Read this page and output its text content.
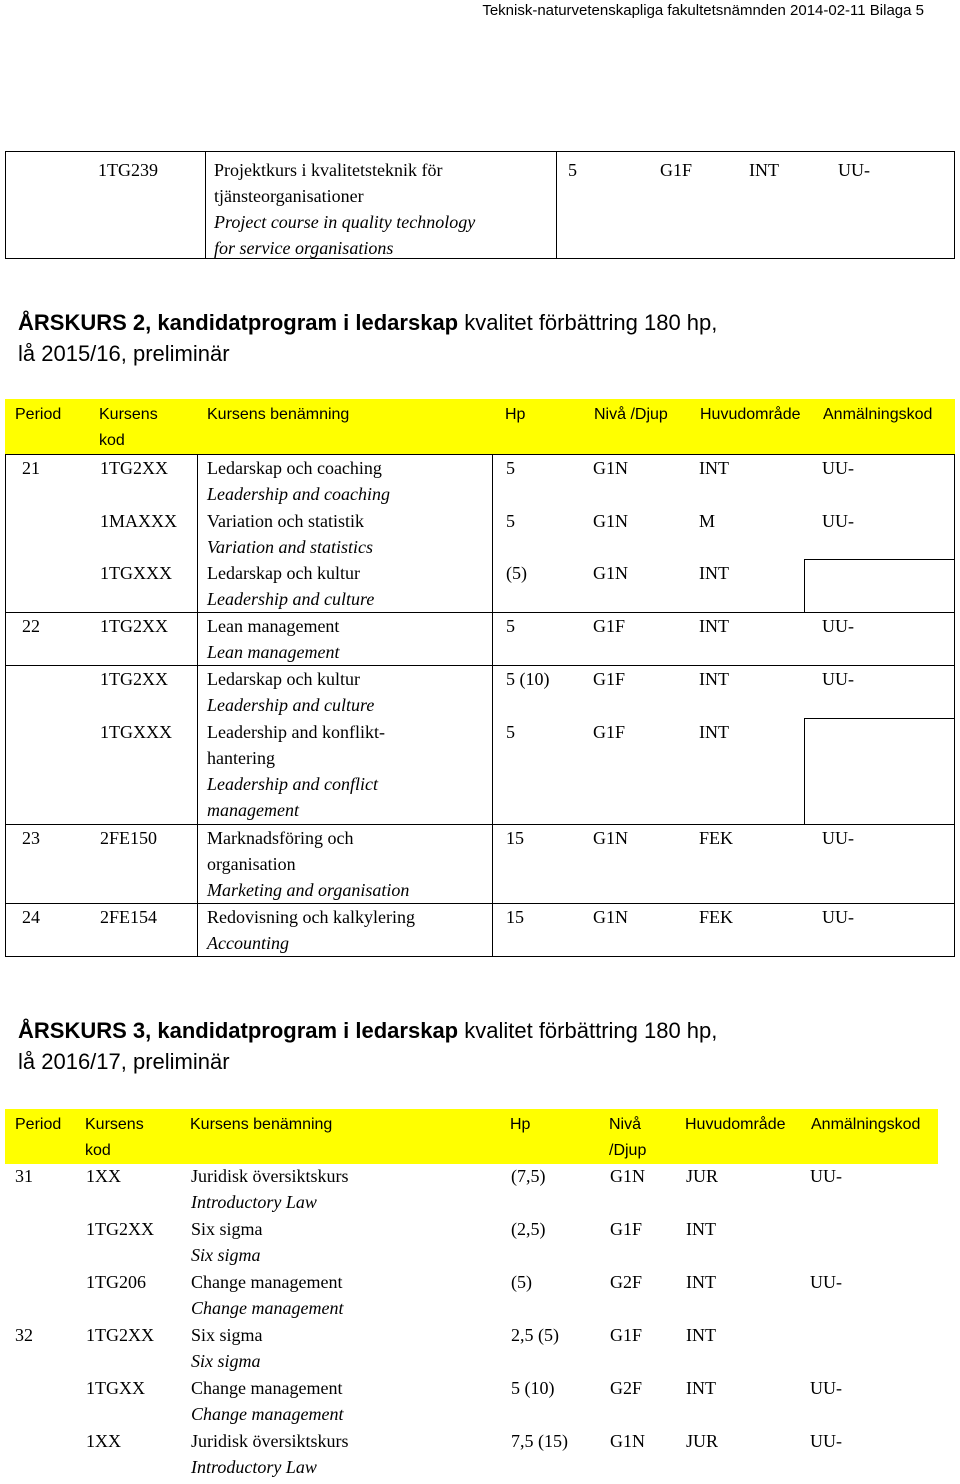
Teknisk-naturvetenskapliga fakultetsnämnden 2014-02-11 Bilaga 5
1TG239	Projektkurs i kvalitetsteknik för
tjänsteorganisationer
Project course in quality technology
for service organisations
5	G1F	INT	UU-
ÅRSKURS 2, kandidatprogram i ledarskap kvalitet förbättring 180 hp,
lå 2015/16, preliminär
Period Kursens
kod
Kursens benämning	Hp	Nivå /Djup Huvudområde Anmälningskod
21	1TG2XX Ledarskap och coaching
Leadership and coaching
5	G1N	INT	UU-
1MAXXX Variation och statistik
Variation and statistics
5	G1N	M	UU-
1TGXXX Ledarskap och kultur
Leadership and culture
(5)	G1N	INT
22	1TG2XX Lean management
Lean management
5	G1F	INT	UU-
1TG2XX Ledarskap och kultur
Leadership and culture
5 (10) G1F	INT	UU-
1TGXXX Leadership and konflikt-
hantering
Leadership and conflict
management
5	G1F	INT
23	2FE150	Marknadsföring och
organisation
Marketing and organisation
15	G1N	FEK	UU-
24	2FE154	Redovisning och kalkylering
Accounting
15	G1N	FEK	UU-
ÅRSKURS 3, kandidatprogram i ledarskap kvalitet förbättring 180 hp,
lå 2016/17, preliminär
Period Kursens
kod
Kursens benämning	Hp	Nivå
/Djup
Huvudområde Anmälningskod
31	1XX	Juridisk översiktskurs
Introductory Law
(7,5)	G1N JUR	UU-
1TG2XX Six sigma
Six sigma
(2,5)	G1F INT
1TG206	Change management
Change management
(5)	G2F INT	UU-
32	1TG2XX Six sigma
Six sigma
2,5 (5)	G1F INT
1TGXX	Change management
Change management
5 (10)	G2F INT	UU-
1XX	Juridisk översiktskurs
Introductory Law
7,5 (15) G1N JUR	UU-
